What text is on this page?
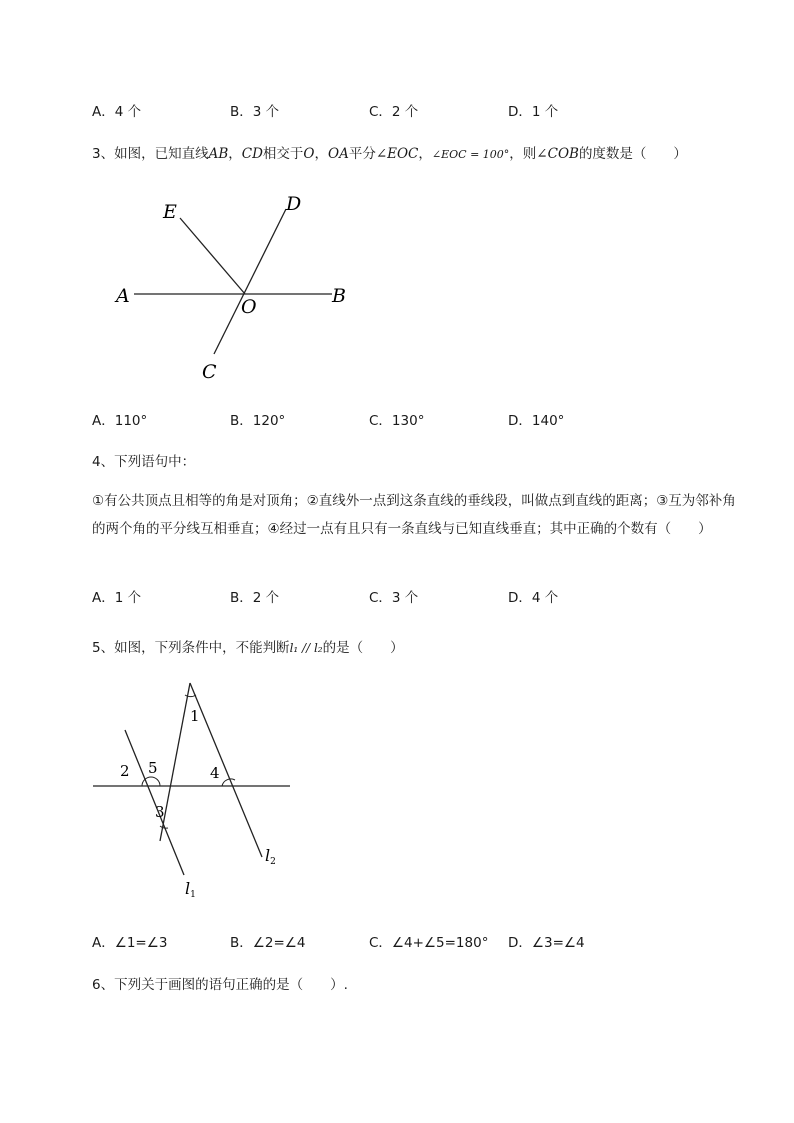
A．4 个	B．3 个	C．2 个	D．1 个
3、如图，已知直线AB，CD相交于O，OA平分∠EOC，∠EOC = 100°，则∠COB的度数是（　　）
E	D
A	O	B
C
A．110°	B．120°	C．130°	D．140°
4、下列语句中：
①有公共顶点且相等的角是对顶角；②直线外一点到这条直线的垂线段，叫做点到直线的距离；③互为邻补角的两个角的平分线互相垂直；④经过一点有且只有一条直线与已知直线垂直；其中正确的个数有（　　）
A．1 个	B．2 个	C．3 个	D．4 个
5、如图，下列条件中，不能判断l₁ // l₂的是（　　）
1
2 5	4
3
l2
l1
A．∠1=∠3	B．∠2=∠4	C．∠4+∠5=180° D．∠3=∠4
6、下列关于画图的语句正确的是（　　）.
